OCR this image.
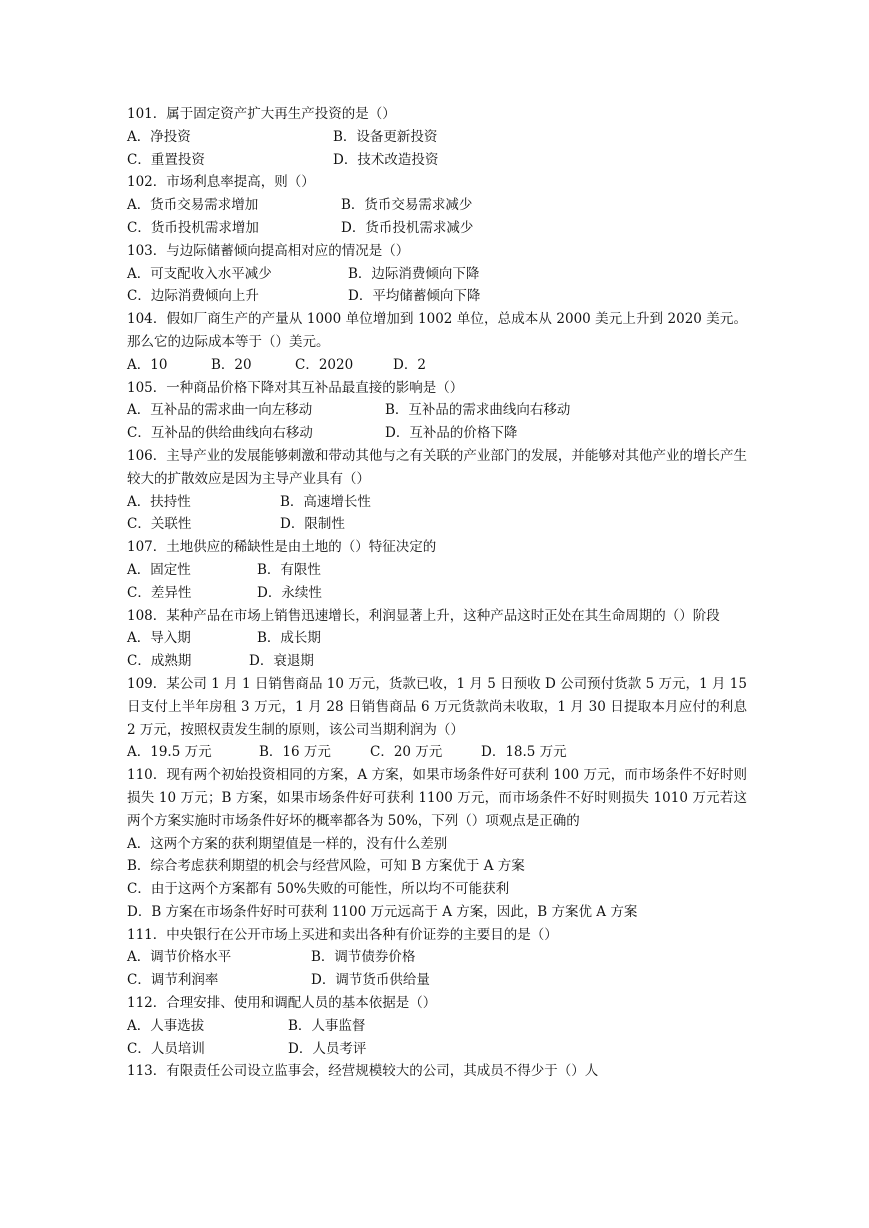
101．属于固定资产扩大再生产投资的是（）
A．净投资	B．设备更新投资
C．重置投资	D．技术改造投资
102．市场利息率提高，则（）
A．货币交易需求增加	B．货币交易需求减少
C．货币投机需求增加	D．货币投机需求减少
103．与边际储蓄倾向提高相对应的情况是（）
A．可支配收入水平减少	B．边际消费倾向下降
C．边际消费倾向上升	D．平均储蓄倾向下降
104．假如厂商生产的产量从 1000 单位增加到 1002 单位，总成本从 2000 美元上升到 2020 美元。那么它的边际成本等于（）美元。
A．10	B．20	C．2020	D．2
105．一种商品价格下降对其互补品最直接的影响是（）
A．互补品的需求曲一向左移动	B．互补品的需求曲线向右移动
C．互补品的供给曲线向右移动	D．互补品的价格下降
106．主导产业的发展能够刺激和带动其他与之有关联的产业部门的发展，并能够对其他产业的增长产生较大的扩散效应是因为主导产业具有（）
A．扶持性	B．高速增长性
C．关联性	D．限制性
107．土地供应的稀缺性是由土地的（）特征决定的
A．固定性	B．有限性
C．差异性	D．永续性
108．某种产品在市场上销售迅速增长，利润显著上升，这种产品这时正处在其生命周期的（）阶段
A．导入期	B．成长期
C．成熟期	D．衰退期
109．某公司 1 月 1 日销售商品 10 万元，货款已收，1 月 5 日预收 D 公司预付货款 5 万元，1 月 15 日支付上半年房租 3 万元，1 月 28 日销售商品 6 万元货款尚未收取，1 月 30 日提取本月应付的利息 2 万元，按照权责发生制的原则，该公司当期利润为（）
A．19.5 万元	B．16 万元	C．20 万元	D．18.5 万元
110．现有两个初始投资相同的方案，A 方案，如果市场条件好可获利 100 万元，而市场条件不好时则损失 10 万元；B 方案，如果市场条件好可获利 1100 万元，而市场条件不好时则损失 1010 万元若这两个方案实施时市场条件好坏的概率都各为 50%，下列（）项观点是正确的
A．这两个方案的获利期望值是一样的，没有什么差别
B．综合考虑获利期望的机会与经营风险，可知 B 方案优于 A 方案
C．由于这两个方案都有 50%失败的可能性，所以均不可能获利
D．B 方案在市场条件好时可获利 1100 万元远高于 A 方案，因此，B 方案优 A 方案
111．中央银行在公开市场上买进和卖出各种有价证券的主要目的是（）
A．调节价格水平	B．调节债券价格
C．调节利润率	D．调节货币供给量
112．合理安排、使用和调配人员的基本依据是（）
A．人事选拔	B．人事监督
C．人员培训	D．人员考评
113．有限责任公司设立监事会，经营规模较大的公司，其成员不得少于（）人
